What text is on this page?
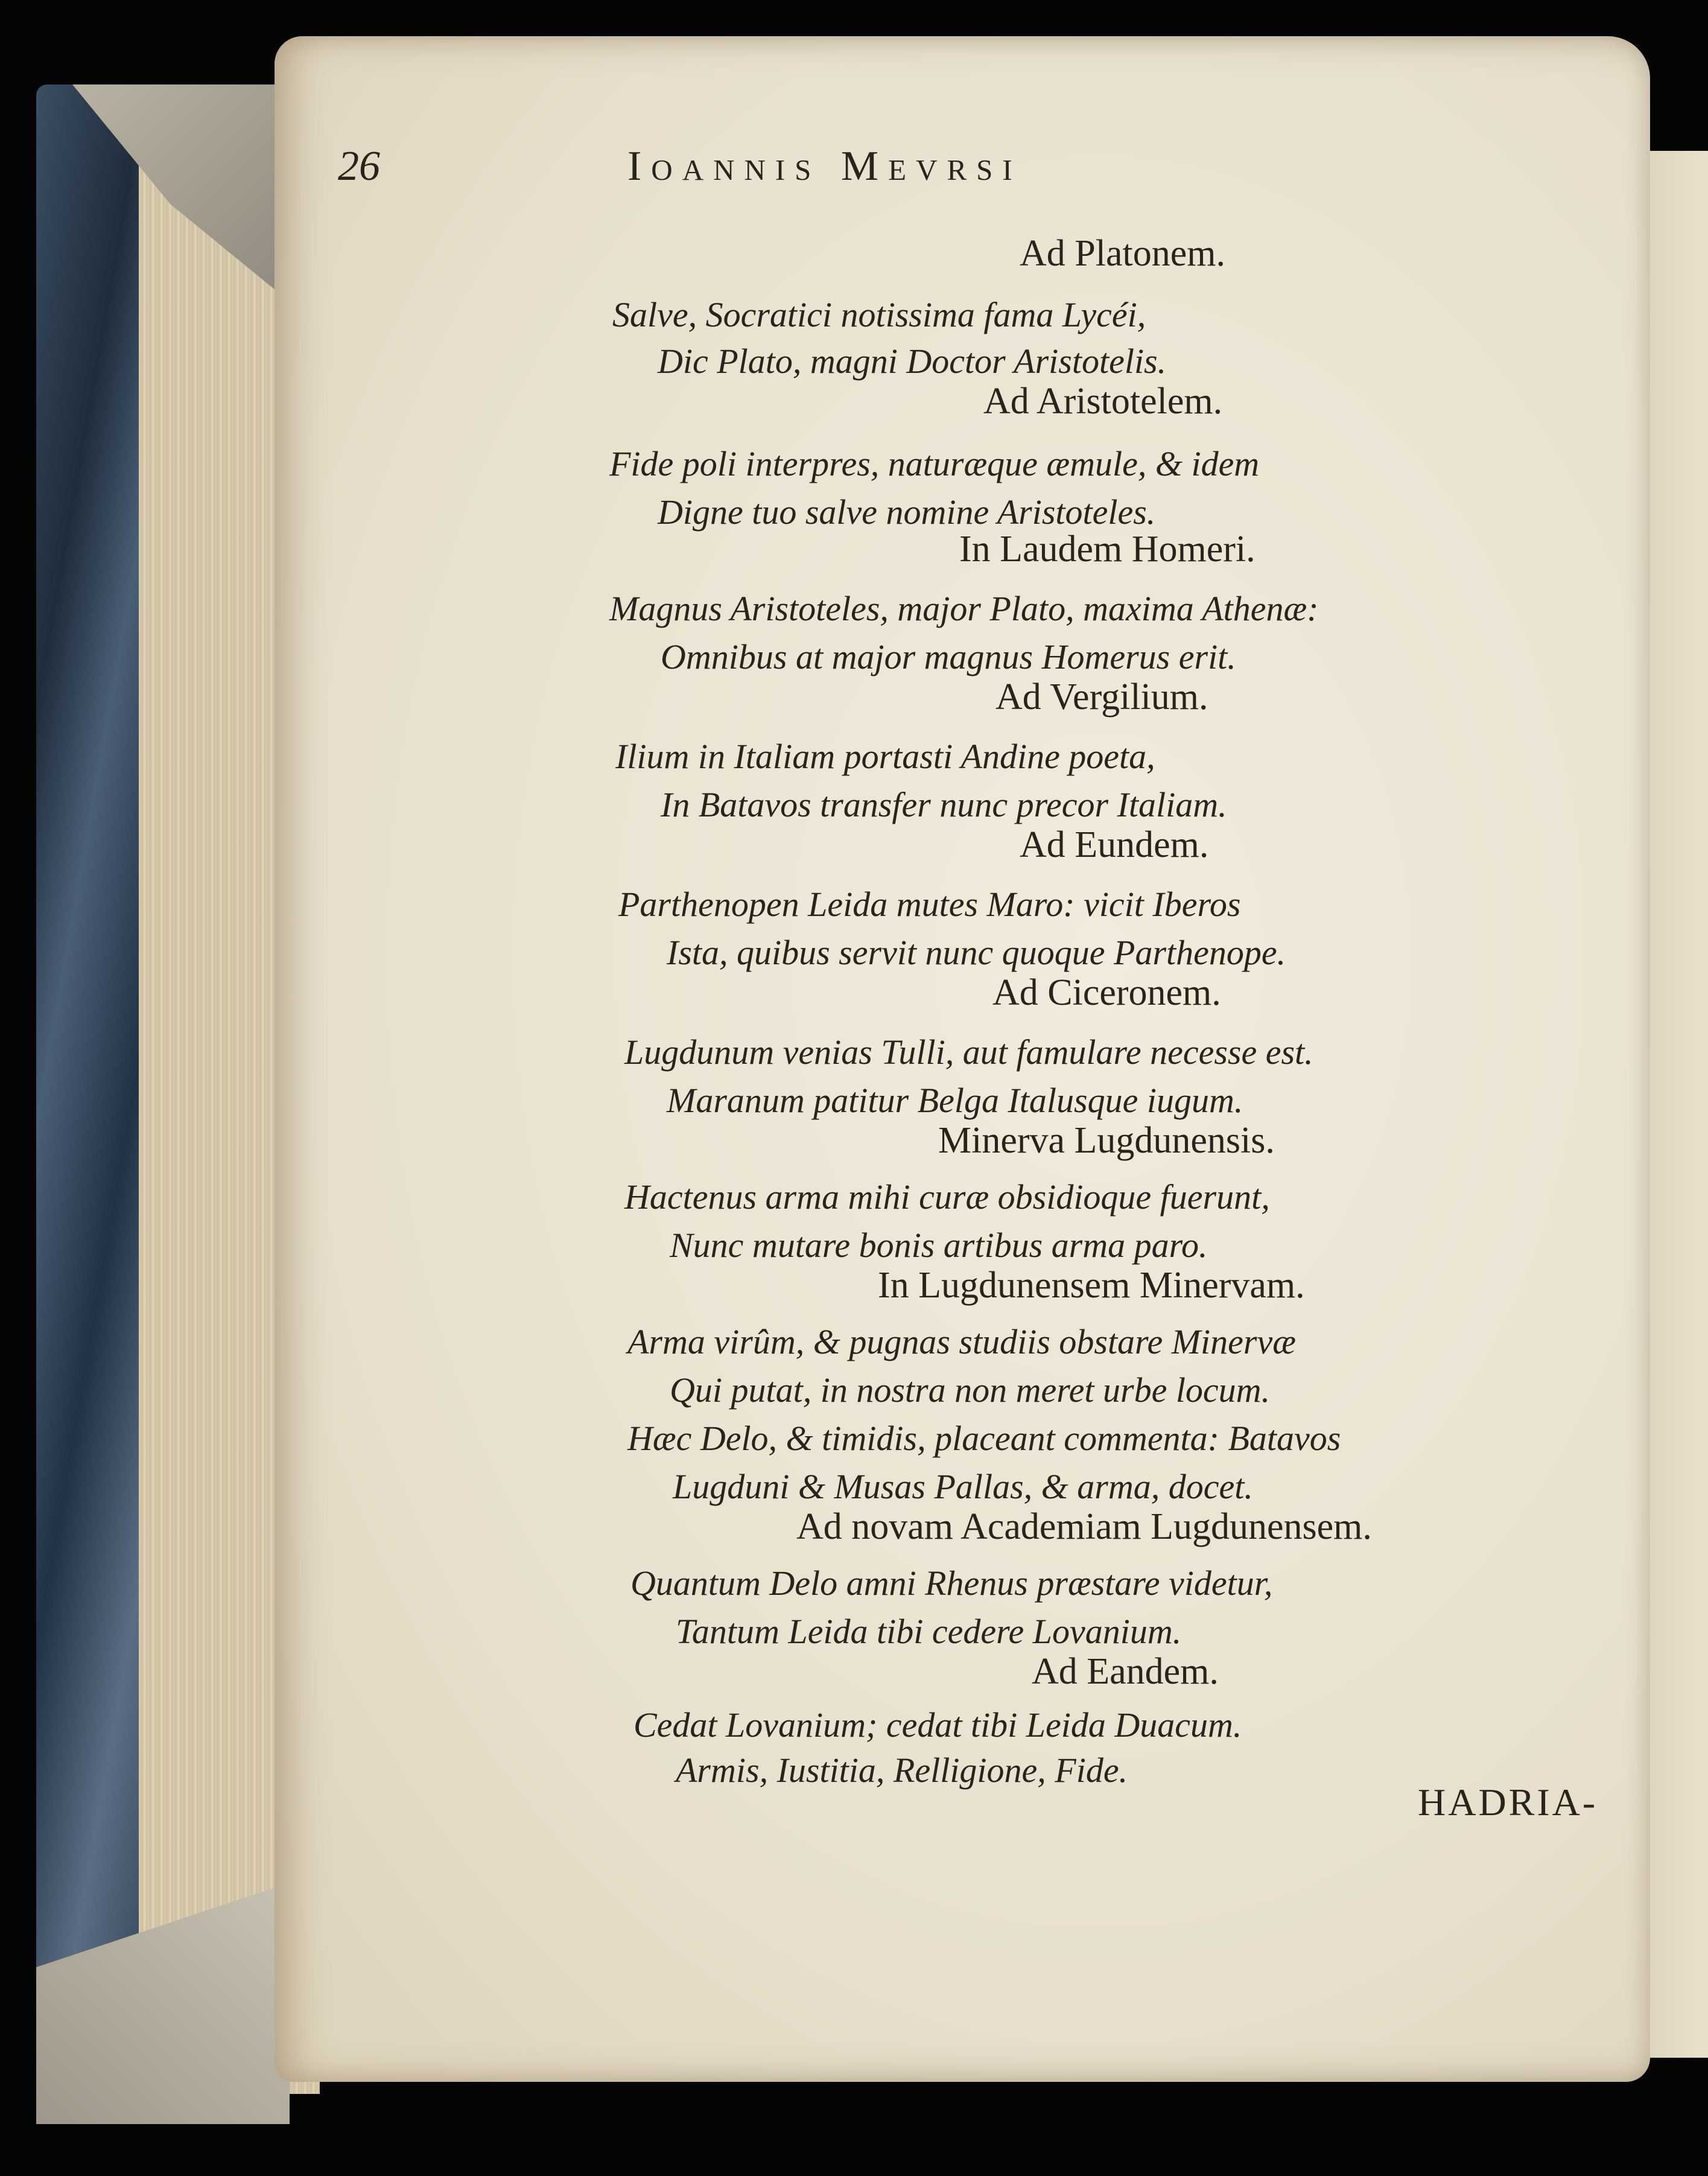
26	Ioannis Mevrsi
Ad Platonem.
Salve, Socratici notissima fama Lycéi,
Dic Plato, magni Doctor Aristotelis.
Ad Aristotelem.
Fide poli interpres, naturæque æmule, & idem
Digne tuo salve nomine Aristoteles.
In Laudem Homeri.
Magnus Aristoteles, major Plato, maxima Athenæ:
Omnibus at major magnus Homerus erit.
Ad Vergilium.
Ilium in Italiam portasti Andine poeta,
In Batavos transfer nunc precor Italiam.
Ad Eundem.
Parthenopen Leida mutes Maro: vicit Iberos
Ista, quibus servit nunc quoque Parthenope.
Ad Ciceronem.
Lugdunum venias Tulli, aut famulare necesse est.
Maranum patitur Belga Italusque iugum.
Minerva Lugdunensis.
Hactenus arma mihi curæ obsidioque fuerunt,
Nunc mutare bonis artibus arma paro.
In Lugdunensem Minervam.
Arma virûm, & pugnas studiis obstare Minervæ
Qui putat, in nostra non meret urbe locum.
Hæc Delo, & timidis, placeant commenta: Batavos
Lugduni & Musas Pallas, & arma, docet.
Ad novam Academiam Lugdunensem.
Quantum Delo amni Rhenus præstare videtur,
Tantum Leida tibi cedere Lovanium.
Ad Eandem.
Cedat Lovanium; cedat tibi Leida Duacum.
Armis, Iustitia, Relligione, Fide.
HADRIA-
